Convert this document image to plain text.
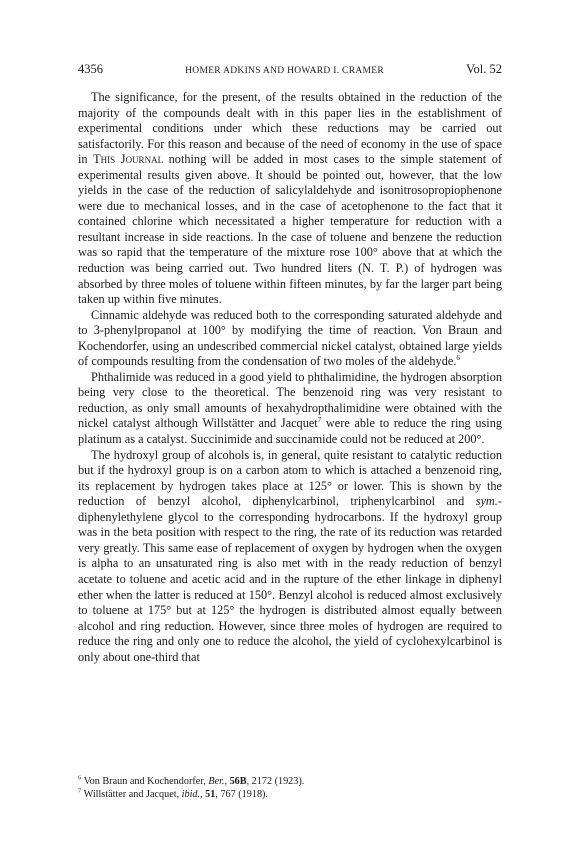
4356	HOMER ADKINS AND HOWARD I. CRAMER	Vol. 52

The significance, for the present, of the results obtained in the reduction of the majority of the compounds dealt with in this paper lies in the establishment of experimental conditions under which these reductions may be carried out satisfactorily. For this reason and because of the need of economy in the use of space in This Journal nothing will be added in most cases to the simple statement of experimental results given above. It should be pointed out, however, that the low yields in the case of the reduction of salicylaldehyde and isonitrosopropiophenone were due to mechanical losses, and in the case of acetophenone to the fact that it contained chlorine which necessitated a higher temperature for reduction with a resultant increase in side reactions. In the case of toluene and benzene the reduction was so rapid that the temperature of the mixture rose 100° above that at which the reduction was being carried out. Two hundred liters (N. T. P.) of hydrogen was absorbed by three moles of toluene within fifteen minutes, by far the larger part being taken up within five minutes.

Cinnamic aldehyde was reduced both to the corresponding saturated aldehyde and to 3-phenylpropanol at 100° by modifying the time of reaction. Von Braun and Kochendorfer, using an undescribed commercial nickel catalyst, obtained large yields of compounds resulting from the condensation of two moles of the aldehyde.$^6$

Phthalimide was reduced in a good yield to phthalimidine, the hydrogen absorption being very close to the theoretical. The benzenoid ring was very resistant to reduction, as only small amounts of hexahydropthalimidine were obtained with the nickel catalyst although Willstätter and Jacquet$^7$ were able to reduce the ring using platinum as a catalyst. Succinimide and succinamide could not be reduced at 200°.

The hydroxyl group of alcohols is, in general, quite resistant to catalytic reduction but if the hydroxyl group is on a carbon atom to which is attached a benzenoid ring, its replacement by hydrogen takes place at 125° or lower. This is shown by the reduction of benzyl alcohol, diphenylcarbinol, triphenylcarbinol and sym.-diphenylethylene glycol to the corresponding hydrocarbons. If the hydroxyl group was in the beta position with respect to the ring, the rate of its reduction was retarded very greatly. This same ease of replacement of oxygen by hydrogen when the oxygen is alpha to an unsaturated ring is also met with in the ready reduction of benzyl acetate to toluene and acetic acid and in the rupture of the ether linkage in diphenyl ether when the latter is reduced at 150°. Benzyl alcohol is reduced almost exclusively to toluene at 175° but at 125° the hydrogen is distributed almost equally between alcohol and ring reduction. However, since three moles of hydrogen are required to reduce the ring and only one to reduce the alcohol, the yield of cyclohexylcarbinol is only about one-third that

$^6$ Von Braun and Kochendorfer, Ber., 56B, 2172 (1923).
$^7$ Willstätter and Jacquet, ibid., 51, 767 (1918).
